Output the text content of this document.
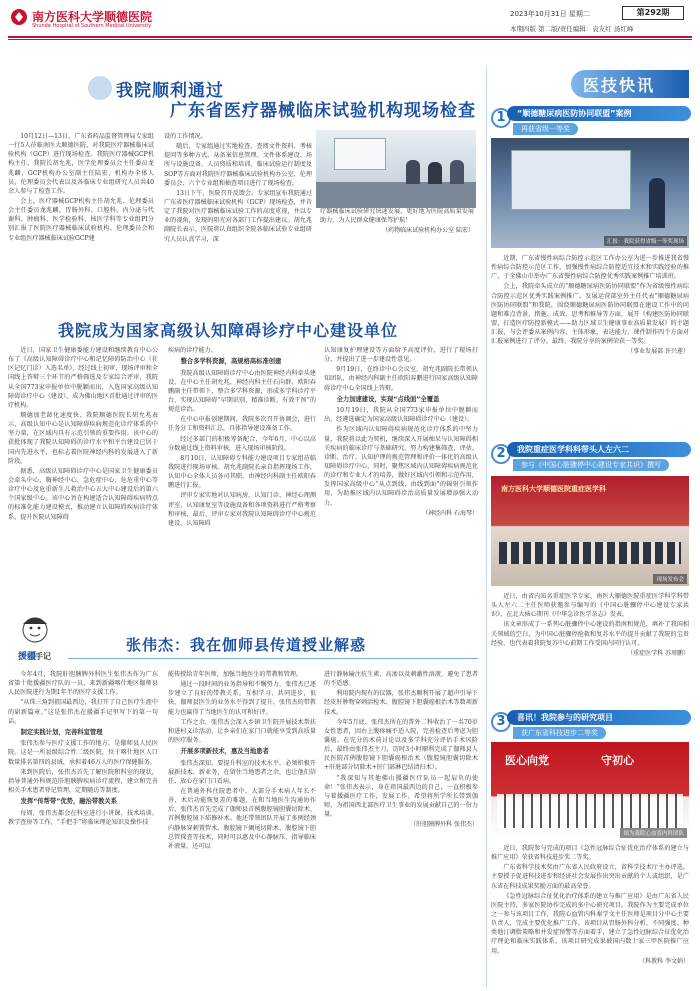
南方医科大学顺德医院
Shunde Hospital of Southern Medical University
2023年10月31日 星期二	第292期
本期四版 第二版/责任编辑：袁友红 汤红峰
我院顺利通过
广东省医疗器械临床试验机构现场检查

10月12日—13日，广东省药品监督管理局专家组一行5人莅临南医大顺德医院，对我院医疗器械临床试验机构（GCP）进行现场检查。我院医疗器械GCP机构主任、我院长胡允兆，医学伦理委员会主任委员龙兆麟，GCP机构办公室副主任陆宏，机构办全体人员，伦理委员会代表以及各临床专业组研究人员共40余人参与了检查工作。

会上，医疗器械GCP机构主任胡允兆、伦理委员会主任委员龙兆麟，胃肠外科、口腔科、内分泌与代谢科、肿瘤科、医学检验科、核医学科等专业组PI分别汇报了医院医疗器械临床试验机构、伦理委员会和专业组医疗器械临床试验GCP建

设的工作情况。

随后，专家组通过实地检查、查阅文件资料、考核提问等多种方式，从备案信息管理、文件体系建设、场所与设施设备、人员资质和培训、临床试验运行制度及SOP等方面对我院医疗器械临床试验机构办公室、伦理委员会、六个专业组和抽查项目进行了现场检查。

13日下午，医院召开反馈会。专家组宣布我院通过广东省医疗器械临床试验机构（GCP）现场检查，并肯定了我院对医疗器械临床试验工作的高度重视，并以专业的视角，发现的阻光对各部门工作提出建议。胡允兆副院长表示，医院将认真组织全院各临床试验专业组研究人员认真学习，深

疗器械临床试验研究快速发展，更好地为医院高质量发展助力，为人民群众健康保驾护航！

（药物临床试验机构办公室 陆宏）
我院成为国家高级认知障碍诊疗中心建设单位

近日，国家卫生健康委能力建设和继续教育中心公布了《高级认知障碍诊疗中心和记忆障碍防治中心（社区记忆门诊）入选名单》，经过线上初审、现场评审和全国线上答辩三个环节的严格筛选及专家综合评审，我院从全国773家申报单位中脱颖而出，入选国家高级认知障碍诊疗中心（建设），成为佛山地区首批通过评审的医疗机构。

顺德加老龄化速度快、我院顺德医院长胡允兆表示，高级认知中心是认知障碍疾病规范化诊疗体系的中坚力量，在区域内具有示范引领的重要作用。该中心的获批体现了我院认知障碍的诊疗水平和平台建设已居于国内先进水平，也标志着医院神经内科的发展进入了新阶段。

据悉，高级认知障碍诊疗中心是国家卫生健康委员会牵头中心，胸神经中心、急危症中心、危危重中心等诊疗中心及危重新生儿救治中心五大中心建设后的第六个国家级中心。该中心旨在构建适合认知障碍疾病特点的标准化能力建设模式，推动建立认知障碍疾病诊疗体系，提升医院认知障碍

疾病的诊疗能力。

整合多学科资源，高规格高标准创建

我院高级认知障碍诊疗中心由医院神经内科牵头建设，在中心主任胡允兆、神经内科主任石向群、欧阳春鹏副主任带领下，整合多学科资源，形成多学科诊疗平台，实现认知障碍“早期识别、精准诊断、有效干预”的规范诊治。

在中心申报创建期间，我院多次召开协调会，进行任务分工和资料汇总，具体指导建设准备工作。

经过多部门的积极筹备配合，今年6月，中心以高分数通过线上资料审核，进入现场审核阶段。

8月10日，认知障碍专科能力建设项目专家组莅临我院进行现场审核。胡允兆副院长亲自指挥现场工作，认知中心全体人员各司其职，由神经内科副主任欧阳春鹏进行汇报。

评审专家实地对认知病房、认知门诊、神经心理测评室、认知康复室等设施设备和各项资料进行严格考察和审核，最后，评审专家对我院认知障碍诊疗中心规范建设、认知障碍

认知康复护理建设等方面给予高度评价，进行了现场打分，并提出了进一步建设性意见。

9月19日，在终诊中心会议室，胡允兆副院长带领认知团队，由神经内科副主任欧阳春鹏进行国家高级认知障碍诊疗中心全国线上答辩。

全力加速建设，实现“点线面”全覆盖

10月19日，我院从全国773家申报单位中脱颖而出，经遴选确定为国家高级认知障碍诊疗中心（建设）。

作为区域内认知障碍疾病规范化诊疗体系的中坚力量，我院将以此为契机，继续深入开展痴呆与认知障碍相关疾病的临床诊疗与基础研究，努力构建集筛查、评估、诊断、治疗、认知护理的规范管理和评价一体化的高级认知障碍诊疗中心，同时，聚焦区域内认知障碍疾病规范化的诊疗和专业人才的培养，做好区域内引领和示范作用，发挥国家高级中心“从点到线、由线到面”的辐射引领作用，为助推区域内认知障碍诊治高质量发展增添强大动力。

（神经内科 石海琴）
援疆
手记
张伟杰：我在伽师县传道授业解惑

今年4月，我院肝胆胰脾外科医生张伟杰作为广东省第十批援疆医疗队的一员，来到新疆喀什地区伽师县人民医院进行为期1年半的医疗支援工作。

“从珠三角到祖国最西边，我打开了自己医疗生涯中的崭新篇章。”这是张伟杰在援疆手记里写下的第一句话。

制定实践计划，完善科室管理

张伟杰参与医疗支援工作的地方，是伽师县人民医院。这是一所县级综合性二级医院，位于喀什地区人口数量排名第四的县域，承担着46万人的医疗保健服务。

来到医院后，张伟杰首先了解医院和科室的现状，指导普通外科规范肝胆胰脾疾病诊疗流程，建立和完善相关手术患者登记管理、定期随访等制度。

发挥“传帮带”优势，融治带教关系

每周，张伟杰都会在科室进行小讲课、技术培训、教学查房等工作，“手把手”将临床理论知识及操作技

能传授给青年医师，加强当地医生的带教和管理。

通过一段时间的业务指导和不懈努力，张伟杰已逐步建立了良好的带教关系。互相学习、共同进步，很快，伽师县医生的业务水平得到了提升，张伟杰的带教能力也赢得了当地医生的认可和好评。

工作之余，张伟杰会深入乡镇卫生院开展技术帮扶和进村义诊活动，让乡亲们在家门口就能享受到高质量的医疗服务。

开展多项新技术，惠及当地患者

张伟杰深知，要提升科室的技术水平，必须积极开展新技术、新业务，在留住当地患者之余，也让他们信任、放心在家门口看病。

在普通外科住院患者中，大部分手术病人年长不善、术后功能恢复差的难题，在和当地医生沟通协作后，张伟杰首先完成了伽师县首例腹腔镜胆囊切除术、首例腹腔镜下疝修补术。他还带领团队开展了多例经颈内静脉穿刺置管术、腹腔镜下阑尾切除术、腹腔镜下胆总管探查等技术，同时可以惠及中心静脉压，指导临床补液量，还可以

进行静脉输注抗生素、高渗以及刺激性溶液，避免了患者的不适感。

利用院内现有的仪器，张伟杰顺利开展了超声引导下经皮肝肿物穿刺活检术、腹腔镜下胆囊癌根治术等数项新技术。

今年5月底，张伟杰所在的普外二科收治了一名70岁女性患者，因右上腹疼痛不适入院，完善检查后考虑为胆囊癌。在充分的术前讨论以及多学科充分评估手术风险后，最终由张伟杰主刀，历时3小时顺利完成了伽师县人民医院首例腹腔镜下胆囊癌根治术（腹腔镜胆囊切除术+肝脏部分切除术+肝门部淋巴结清扫术）。

“我深知与其他佛山援疆医疗队员一起肩负的使命！”张伟杰表示，身在祖国最西边的自己，一直积极参与着援疆医疗工作，发展工作、希望将所学所长带到伽师，为祖国西北部医疗卫生事业的发展贡献自己的一份力量。

（肝胆胰脾外科 张伟杰）
医技快讯
1	“顺德糖尿病医防协同联盟”案例
再获省级一等奖
汇报：我院获得省级一等奖现场

近期，广东省慢性病综合防控示范区工作办公室为进一步推进我省慢性病综合防控示范区工作，加强慢性病综合防控适宜技术和实践经验的推广，于全佛山市举办广东省慢性病综合防控优秀实践案例推广培训班。

会上，我院牵头成立的“顺德糖尿病医防协同联盟”作为省级慢性病综合防控示范区优秀实践案例推广。发展运营部室外主任代表“顺德糖尿病医防协同联盟”和我院，围绕顺德糖尿病医防协同联盟在建设工作中的问题和难点背景、措施、成效、思考和推导等方面，展开《构建医防协同联盟，打造医疗防控新模式——助力区域卫生健康事业高质量发展》的主题汇报，与会评委从案例内容、主体形象、表达能力、课件制作四个方面对汇报案例进行了评分。最终，我院分享的案例荣获一等奖。

（事业发展部 许兴莲）
2	我院重症医学科科带头人左六二
参与《中国心脏骤停中心建设专家共识》撰写
南方医科大学顺德医院重症医学科
现场发布会

近日，由省内知名重症医学专家、南医大顺德医院重症医学科学科带头人左六二主任医师获邀参与编写的《中国心脏骤停中心建设专家共识》，在北大核心期刊《中华急诊医学杂志》发表。

该文章形成了一系列心脏骤停中心建设的指南和规范，填补了我国相关领域的空白，为中国心脏骤停抢救和复苏水平的提升贡献了我院的宝贵经验，也代表着我院复苏中心前期工作受国内同行认可。

（重症医学科 苏周鹏）
3	喜讯！我院参与的研究项目
获广东省科技进步二等奖
医心向党	守初心
图为我院心血管内科团队

近日，我院参与完成的项目《急性冠脉综合征优化治疗体系的建立与推广应用》荣获省科技进步奖二等奖。

广东省科学技术奖由广东省人民政府设立，省科学技术厅主办评选，主要授予促进科技进步和经济社会发展作出突出贡献的个人或组织，是广东省在科技成果奖励方面的最高荣誉。

《急性冠脉综合征优化治疗体系的建立与推广应用》是由广东省人民医院主持，多家医院协作完成的多中心研究项目。我院作为主要完成单位之一参与该项目工作，我院心血管内科秦学文主任医师是项目分中心主要负责人，完成主要优化推广工作。该项目从胃肠外科分析、不同强度、种类他汀调脂策略和并发症预警等方面着手，建立了急性冠脉综合征优化治疗理论和临床实践体系。该项目研究成果被国内数十家三甲医院推广应用。

（科教科 李文娟）
